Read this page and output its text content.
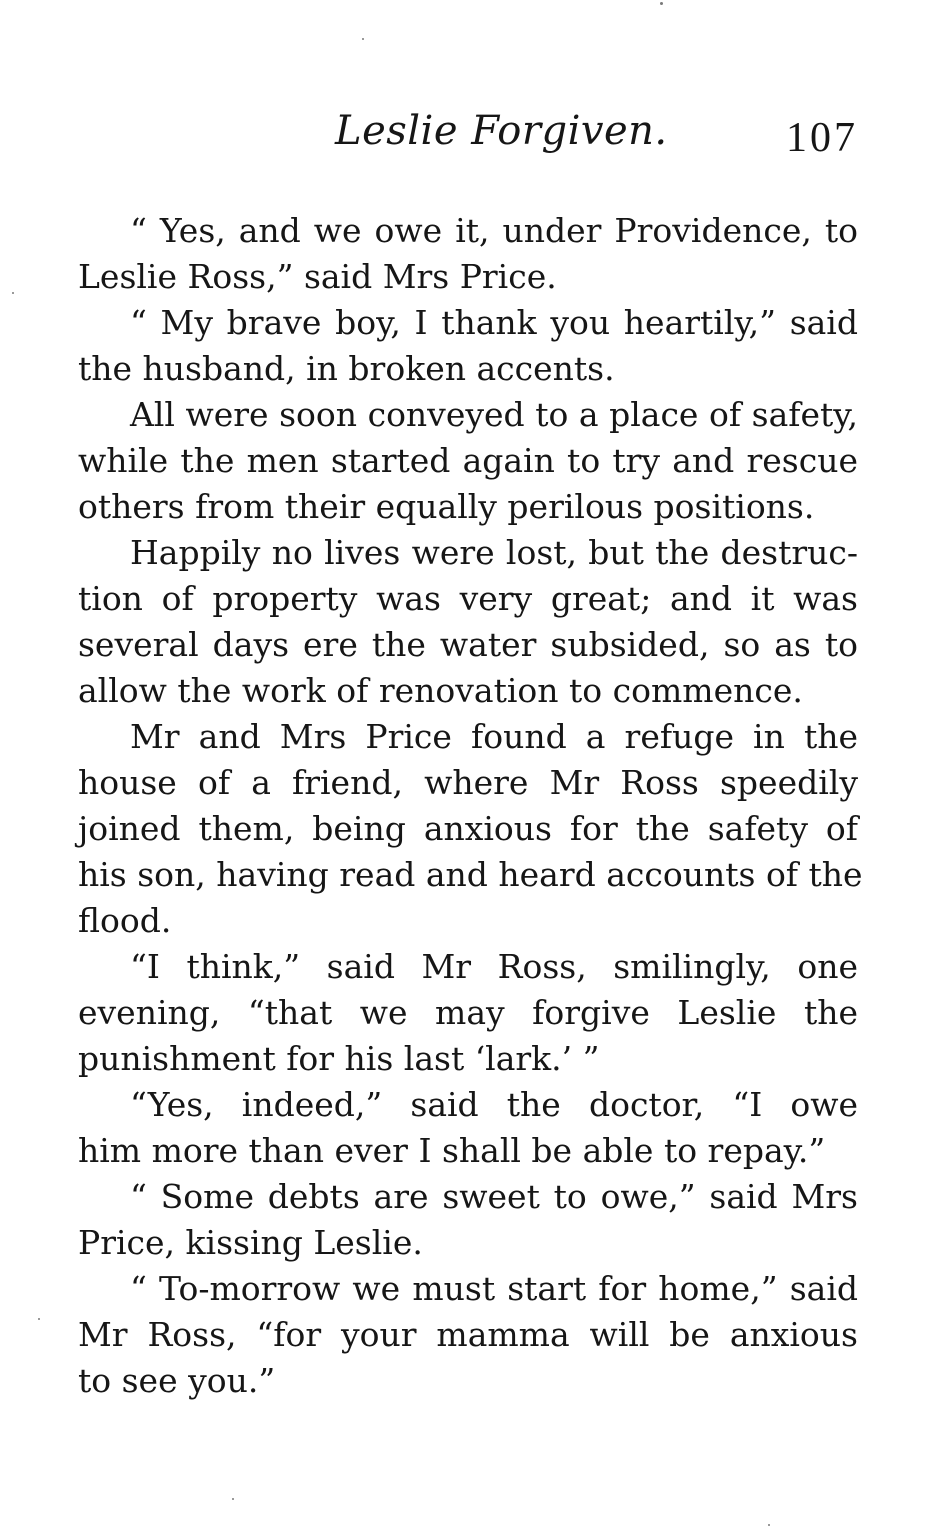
Leslie Forgiven.	107
“ Yes, and we owe it, under Providence, to
Leslie Ross,” said Mrs Price.
“ My brave boy, I thank you heartily,” said
the husband, in broken accents.
All were soon conveyed to a place of safety,
while the men started again to try and rescue
others from their equally perilous positions.
Happily no lives were lost, but the destruc-
tion of property was very great; and it was
several days ere the water subsided, so as to
allow the work of renovation to commence.
Mr and Mrs Price found a refuge in the
house of a friend, where Mr Ross speedily
joined them, being anxious for the safety of
his son, having read and heard accounts of the
flood.
“I think,” said Mr Ross, smilingly, one
evening, “that we may forgive Leslie the
punishment for his last ‘lark.’ ”
“Yes, indeed,” said the doctor, “I owe
him more than ever I shall be able to repay.”
“ Some debts are sweet to owe,” said Mrs
Price, kissing Leslie.
“ To-morrow we must start for home,” said
Mr Ross, “for your mamma will be anxious
to see you.”
